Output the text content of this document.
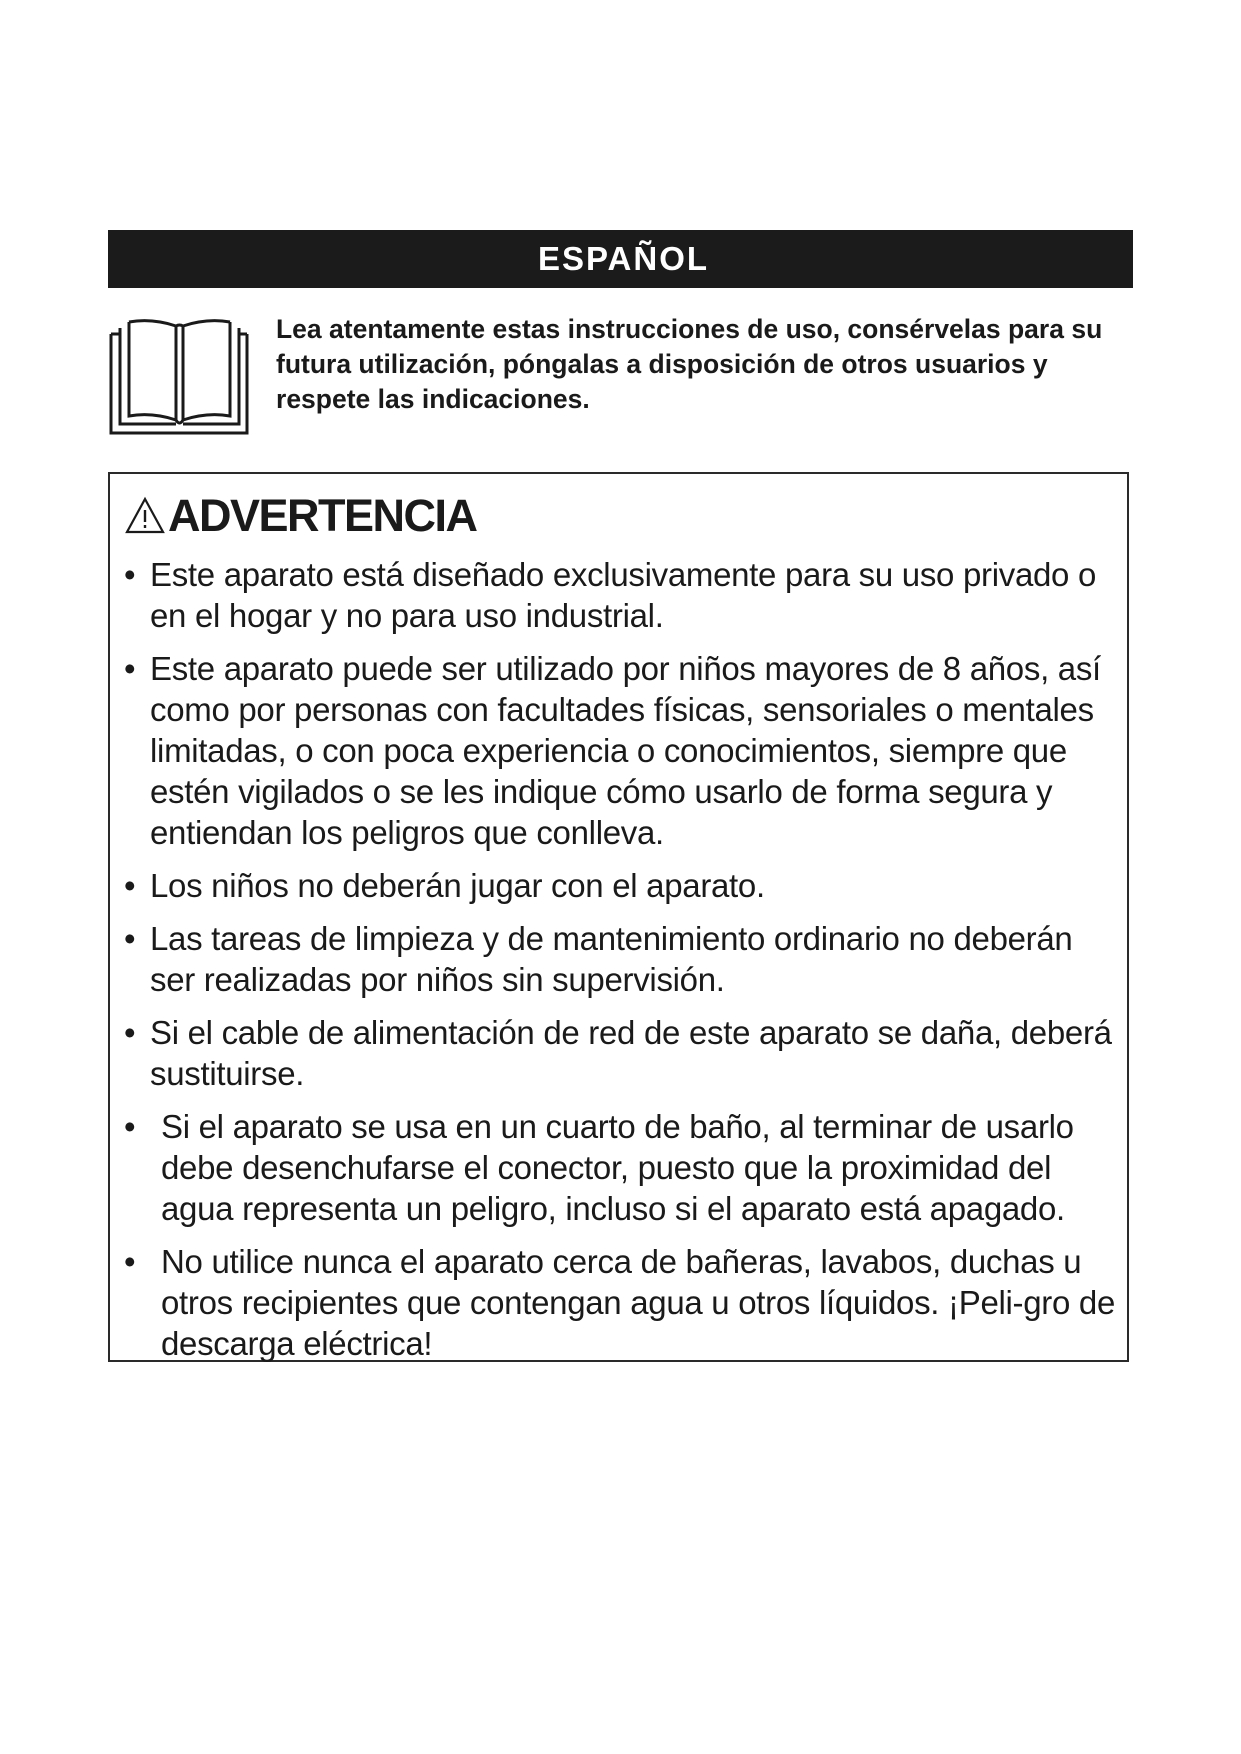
ESPAÑOL
Lea atentamente estas instrucciones de uso, consérvelas para su futura utilización, póngalas a disposición de otros usuarios y respete las indicaciones.
ADVERTENCIA
• Este aparato está diseñado exclusivamente para su uso privado o en el hogar y no para uso industrial.
• Este aparato puede ser utilizado por niños mayores de 8 años, así como por personas con facultades físicas, sensoriales o mentales limitadas, o con poca experiencia o conocimientos, siempre que estén vigilados o se les indique cómo usarlo de forma segura y entiendan los peligros que conlleva.
• Los niños no deberán jugar con el aparato.
• Las tareas de limpieza y de mantenimiento ordinario no deberán ser realizadas por niños sin supervisión.
• Si el cable de alimentación de red de este aparato se daña, deberá sustituirse.
• Si el aparato se usa en un cuarto de baño, al terminar de usarlo debe desenchufarse el conector, puesto que la proximidad del agua representa un peligro, incluso si el aparato está apagado.
• No utilice nunca el aparato cerca de bañeras, lavabos, duchas u otros recipientes que contengan agua u otros líquidos. ¡Peli-gro de descarga eléctrica!
